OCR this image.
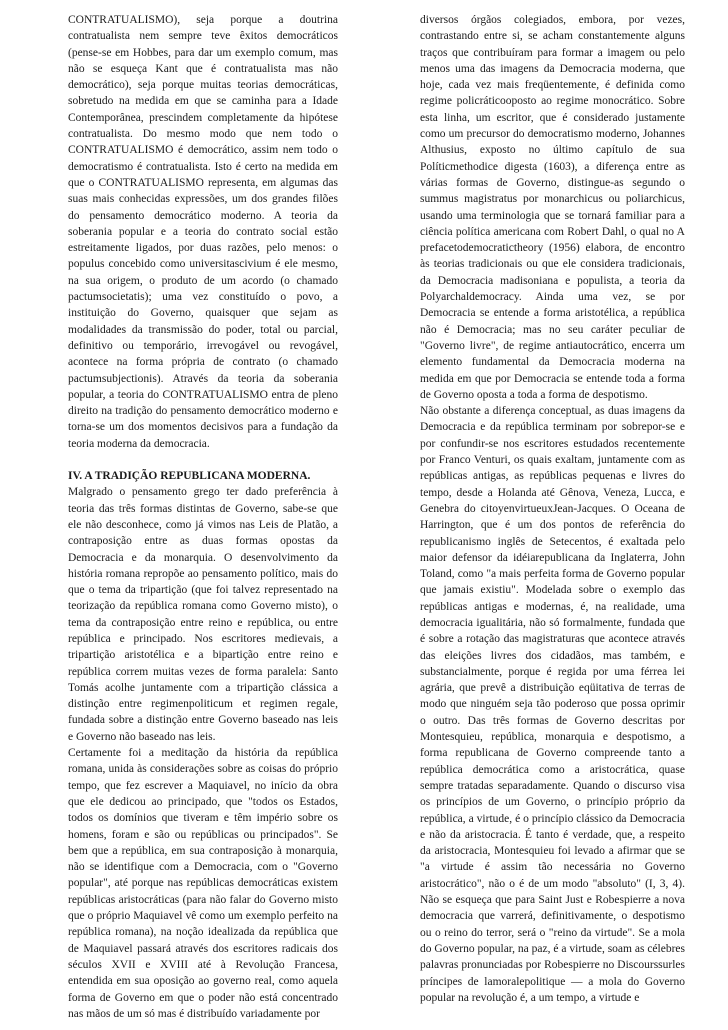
CONTRATUALISMO), seja porque a doutrina contratualista nem sempre teve êxitos democráticos (pense-se em Hobbes, para dar um exemplo comum, mas não se esqueça Kant que é contratualista mas não democrático), seja porque muitas teorias democráticas, sobretudo na medida em que se caminha para a Idade Contemporânea, prescindem completamente da hipótese contratualista. Do mesmo modo que nem todo o CONTRATUALISMO é democrático, assim nem todo o democratismo é contratualista. Isto é certo na medida em que o CONTRATUALISMO representa, em algumas das suas mais conhecidas expressões, um dos grandes filões do pensamento democrático moderno. A teoria da soberania popular e a teoria do contrato social estão estreitamente ligados, por duas razões, pelo menos: o populus concebido como universitascivium é ele mesmo, na sua origem, o produto de um acordo (o chamado pactumsocietatis); uma vez constituído o povo, a instituição do Governo, quaisquer que sejam as modalidades da transmissão do poder, total ou parcial, definitivo ou temporário, irrevogável ou revogável, acontece na forma própria de contrato (o chamado pactumsubjectionis). Através da teoria da soberania popular, a teoria do CONTRATUALISMO entra de pleno direito na tradição do pensamento democrático moderno e torna-se um dos momentos decisivos para a fundação da teoria moderna da democracia.

IV. A TRADIÇÃO REPUBLICANA MODERNA.

Malgrado o pensamento grego ter dado preferência à teoria das três formas distintas de Governo, sabe-se que ele não desconhece, como já vimos nas Leis de Platão, a contraposição entre as duas formas opostas da Democracia e da monarquia. O desenvolvimento da história romana repropõe ao pensamento político, mais do que o tema da tripartição (que foi talvez representado na teorização da república romana como Governo misto), o tema da contraposição entre reino e república, ou entre república e principado. Nos escritores medievais, a tripartição aristotélica e a bipartição entre reino e república correm muitas vezes de forma paralela: Santo Tomás acolhe juntamente com a tripartição clássica a distinção entre regimenpoliticum et regimen regale, fundada sobre a distinção entre Governo baseado nas leis e Governo não baseado nas leis.

Certamente foi a meditação da história da república romana, unida às considerações sobre as coisas do próprio tempo, que fez escrever a Maquiavel, no início da obra que ele dedicou ao principado, que "todos os Estados, todos os domínios que tiveram e têm império sobre os homens, foram e são ou repúblicas ou principados". Se bem que a república, em sua contraposição à monarquia, não se identifique com a Democracia, com o "Governo popular", até porque nas repúblicas democráticas existem repúblicas aristocráticas (para não falar do Governo misto que o próprio Maquiavel vê como um exemplo perfeito na república romana), na noção idealizada da república que de Maquiavel passará através dos escritores radicais dos séculos XVII e XVIII até à Revolução Francesa, entendida em sua oposição ao governo real, como aquela forma de Governo em que o poder não está concentrado nas mãos de um só mas é distribuído variadamente por

diversos órgãos colegiados, embora, por vezes, contrastando entre si, se acham constantemente alguns traços que contribuíram para formar a imagem ou pelo menos uma das imagens da Democracia moderna, que hoje, cada vez mais freqüentemente, é definida como regime policráticooposto ao regime monocrático. Sobre esta linha, um escritor, que é considerado justamente como um precursor do democratismo moderno, Johannes Althusius, exposto no último capítulo de sua Políticmethodice digesta (1603), a diferença entre as várias formas de Governo, distingue-as segundo o summus magistratus por monarchicus ou poliarchicus, usando uma terminologia que se tornará familiar para a ciência política americana com Robert Dahl, o qual no A prefacetodemocratictheory (1956) elabora, de encontro às teorias tradicionais ou que ele considera tradicionais, da Democracia madisoniana e populista, a teoria da Polyarchaldemocracy. Ainda uma vez, se por Democracia se entende a forma aristotélica, a república não é Democracia; mas no seu caráter peculiar de "Governo livre", de regime antiautocrático, encerra um elemento fundamental da Democracia moderna na medida em que por Democracia se entende toda a forma de Governo oposta a toda a forma de despotismo.

Não obstante a diferença conceptual, as duas imagens da Democracia e da república terminam por sobrepor-se e por confundir-se nos escritores estudados recentemente por Franco Venturi, os quais exaltam, juntamente com as repúblicas antigas, as repúblicas pequenas e livres do tempo, desde a Holanda até Gênova, Veneza, Lucca, e Genebra do citoyenvirtueuxJean-Jacques. O Oceana de Harrington, que é um dos pontos de referência do republicanismo inglês de Setecentos, é exaltada pelo maior defensor da idéiarepublicana da Inglaterra, John Toland, como "a mais perfeita forma de Governo popular que jamais existiu". Modelada sobre o exemplo das repúblicas antigas e modernas, é, na realidade, uma democracia igualitária, não só formalmente, fundada que é sobre a rotação das magistraturas que acontece através das eleições livres dos cidadãos, mas também, e substancialmente, porque é regida por uma férrea lei agrária, que prevê a distribuição eqüitativa de terras de modo que ninguém seja tão poderoso que possa oprimir o outro. Das três formas de Governo descritas por Montesquieu, república, monarquia e despotismo, a forma republicana de Governo compreende tanto a república democrática como a aristocrática, quase sempre tratadas separadamente. Quando o discurso visa os princípios de um Governo, o princípio próprio da república, a virtude, é o princípio clássico da Democracia e não da aristocracia. É tanto é verdade, que, a respeito da aristocracia, Montesquieu foi levado a afirmar que se "a virtude é assim tão necessária no Governo aristocrático", não o é de um modo "absoluto" (I, 3, 4). Não se esqueça que para Saint Just e Robespierre a nova democracia que varrerá, definitivamente, o despotismo ou o reino do terror, será o "reino da virtude". Se a mola do Governo popular, na paz, é a virtude, soam as célebres palavras pronunciadas por Robespierre no Discourssurles príncipes de lamoralepolitique — a mola do Governo popular na revolução é, a um tempo, a virtude e
